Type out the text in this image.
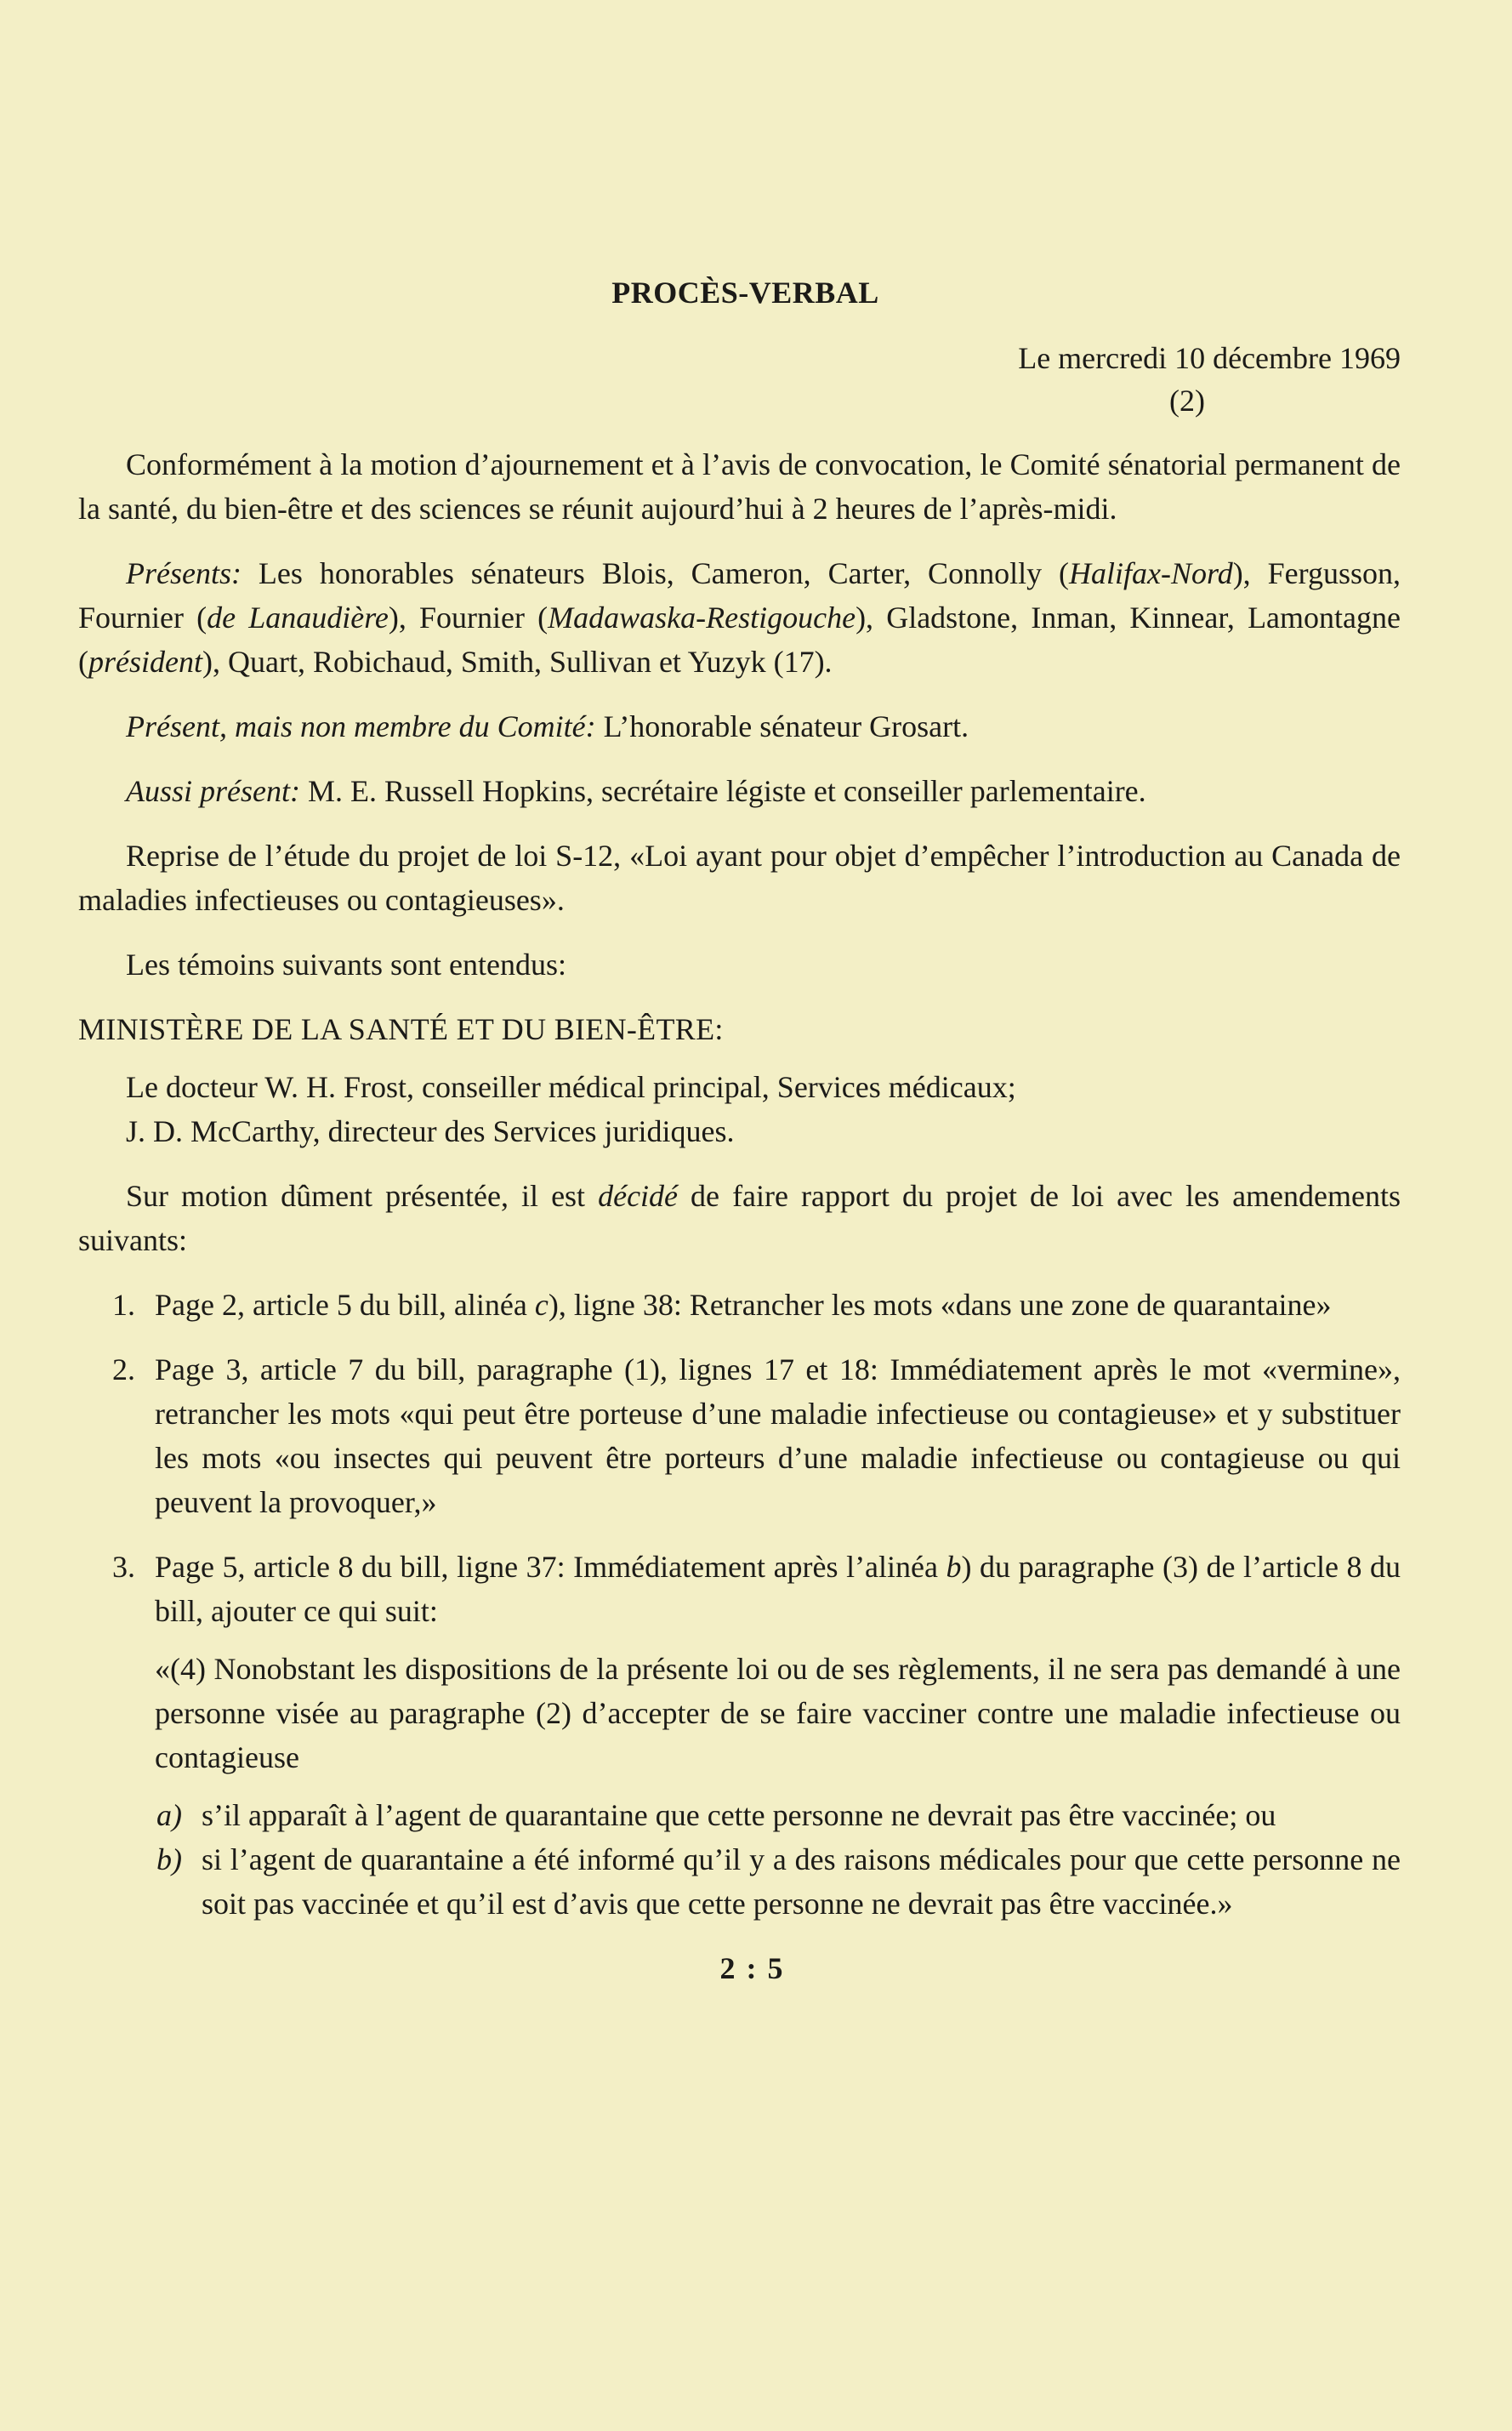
PROCÈS-VERBAL
Le mercredi 10 décembre 1969
(2)

Conformément à la motion d’ajournement et à l’avis de convocation, le Comité sénatorial permanent de la santé, du bien-être et des sciences se réunit aujourd’hui à 2 heures de l’après-midi.

Présents: Les honorables sénateurs Blois, Cameron, Carter, Connolly (Halifax-Nord), Fergusson, Fournier (de Lanaudière), Fournier (Madawaska-Restigouche), Gladstone, Inman, Kinnear, Lamontagne (président), Quart, Robichaud, Smith, Sullivan et Yuzyk (17).

Présent, mais non membre du Comité: L’honorable sénateur Grosart.

Aussi présent: M. E. Russell Hopkins, secrétaire légiste et conseiller parlementaire.

Reprise de l’étude du projet de loi S-12, «Loi ayant pour objet d’empêcher l’introduction au Canada de maladies infectieuses ou contagieuses».

Les témoins suivants sont entendus:

MINISTÈRE DE LA SANTÉ ET DU BIEN-ÊTRE:
Le docteur W. H. Frost, conseiller médical principal, Services médicaux;
J. D. McCarthy, directeur des Services juridiques.

Sur motion dûment présentée, il est décidé de faire rapport du projet de loi avec les amendements suivants:

1. Page 2, article 5 du bill, alinéa c), ligne 38: Retrancher les mots «dans une zone de quarantaine»
2. Page 3, article 7 du bill, paragraphe (1), lignes 17 et 18: Immédiatement après le mot «vermine», retrancher les mots «qui peut être porteuse d’une maladie infectieuse ou contagieuse» et y substituer les mots «ou insectes qui peuvent être porteurs d’une maladie infectieuse ou contagieuse ou qui peuvent la provoquer,»
3. Page 5, article 8 du bill, ligne 37: Immédiatement après l’alinéa b) du paragraphe (3) de l’article 8 du bill, ajouter ce qui suit:
«(4) Nonobstant les dispositions de la présente loi ou de ses règlements, il ne sera pas demandé à une personne visée au paragraphe (2) d’accepter de se faire vacciner contre une maladie infectieuse ou contagieuse
a) s’il apparaît à l’agent de quarantaine que cette personne ne devrait pas être vaccinée; ou
b) si l’agent de quarantaine a été informé qu’il y a des raisons médicales pour que cette personne ne soit pas vaccinée et qu’il est d’avis que cette personne ne devrait pas être vaccinée.»
2 : 5
